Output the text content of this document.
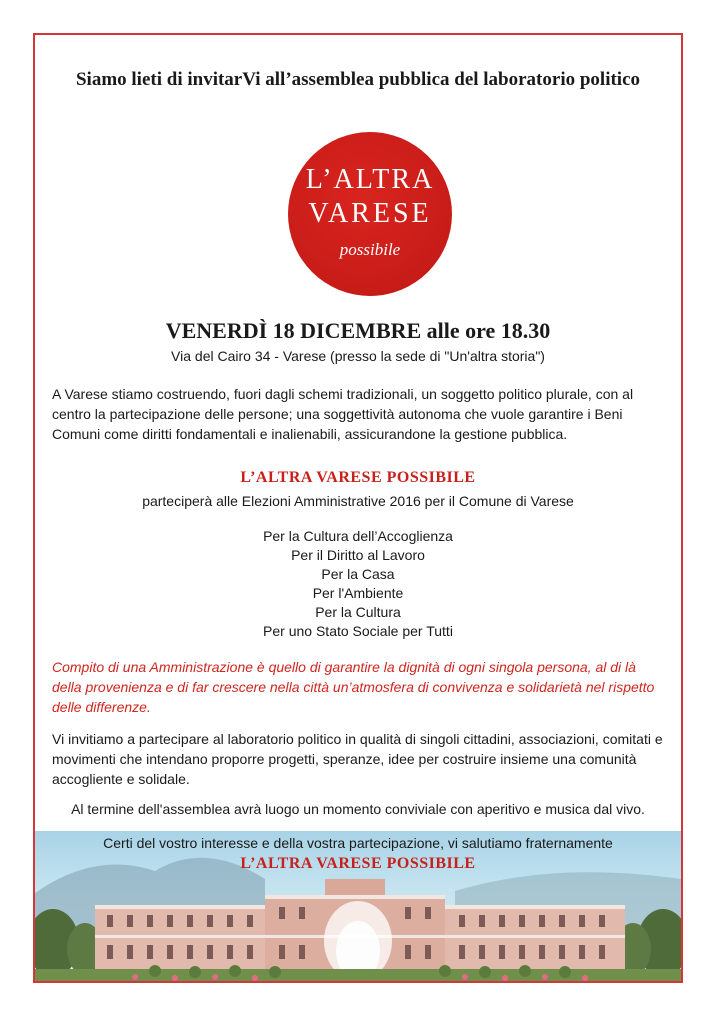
Siamo lieti di invitarVi all’assemblea pubblica del laboratorio politico
L’ALTRA
VARESE
possibile
VENERDÌ 18 DICEMBRE alle ore 18.30
Via del Cairo 34 - Varese (presso la sede di "Un'altra storia")

A Varese stiamo costruendo, fuori dagli schemi tradizionali, un soggetto politico plurale, con al centro la partecipazione delle persone; una soggettività autonoma che vuole garantire i Beni Comuni come diritti fondamentali e inalienabili, assicurandone la gestione pubblica.

L’ALTRA VARESE POSSIBILE
parteciperà alle Elezioni Amministrative 2016 per il Comune di Varese
Per la Cultura dell’Accoglienza
Per il Diritto al Lavoro
Per la Casa
Per l'Ambiente
Per la Cultura
Per uno Stato Sociale per Tutti

Compito di una Amministrazione è quello di garantire la dignità di ogni singola persona, al di là della provenienza e di far crescere nella città un’atmosfera di convivenza e solidarietà nel rispetto delle differenze.

Vi invitiamo a partecipare al laboratorio politico in qualità di singoli cittadini, associazioni, comitati e movimenti che intendano proporre progetti, speranze, idee per costruire insieme una comunità accogliente e solidale.

Al termine dell'assemblea avrà luogo un momento conviviale con aperitivo e musica dal vivo.

Certi del vostro interesse e della vostra partecipazione, vi salutiamo fraternamente
L’ALTRA VARESE POSSIBILE
